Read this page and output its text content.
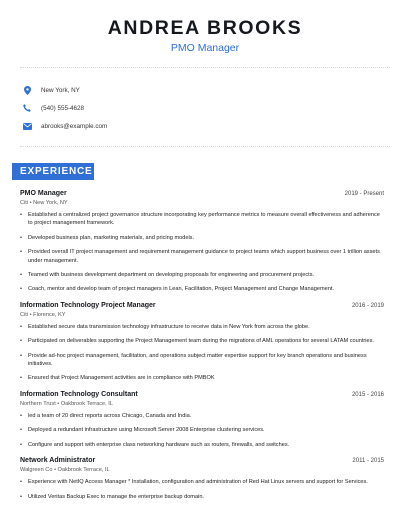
ANDREA BROOKS
PMO Manager
New York, NY
(540) 555-4628
abrooks@example.com
EXPERIENCE
PMO Manager	2019 - Present
Citi • New York, NY
• Established a centralized project governance structure incorporating key performance metrics to measure overall effectiveness and adherence to project management framework.
• Developed business plan, marketing materials, and pricing models.
• Provided overall IT project management and requirement management guidance to project teams which support business over 1 trillion assets under management.
• Teamed with business development department on developing proposals for engineering and procurement projects.
• Coach, mentor and develop team of project managers in Lean, Facilitation, Project Management and Change Management.
Information Technology Project Manager	2016 - 2019
Citi • Florence, KY
• Established secure data transmission technology infrastructure to receive data in New York from across the globe.
• Participated on deliverables supporting the Project Management team during the migrations of AML operations for several LATAM countries.
• Provide ad-hoc project management, facilitation, and operations subject matter expertise support for key branch operations and business initiatives.
• Ensured that Project Management activities are in compliance with PMBOK
Information Technology Consultant	2015 - 2016
Northern Trust • Oakbrook Terrace, IL
• led a team of 20 direct reports across Chicago, Canada and India.
• Deployed a redundant infrastructure using Microsoft Server 2008 Enterprise clustering services.
• Configure and support with enterprise class networking hardware such as routers, firewalls, and switches.
Network Administrator	2011 - 2015
Walgreen Co • Oakbrook Terrace, IL
• Experience with NetIQ Access Manager * Installation, configuration and administration of Red Hat Linux servers and support for Services.
• Utilized Veritas Backup Exec to manage the enterprise backup domain.
